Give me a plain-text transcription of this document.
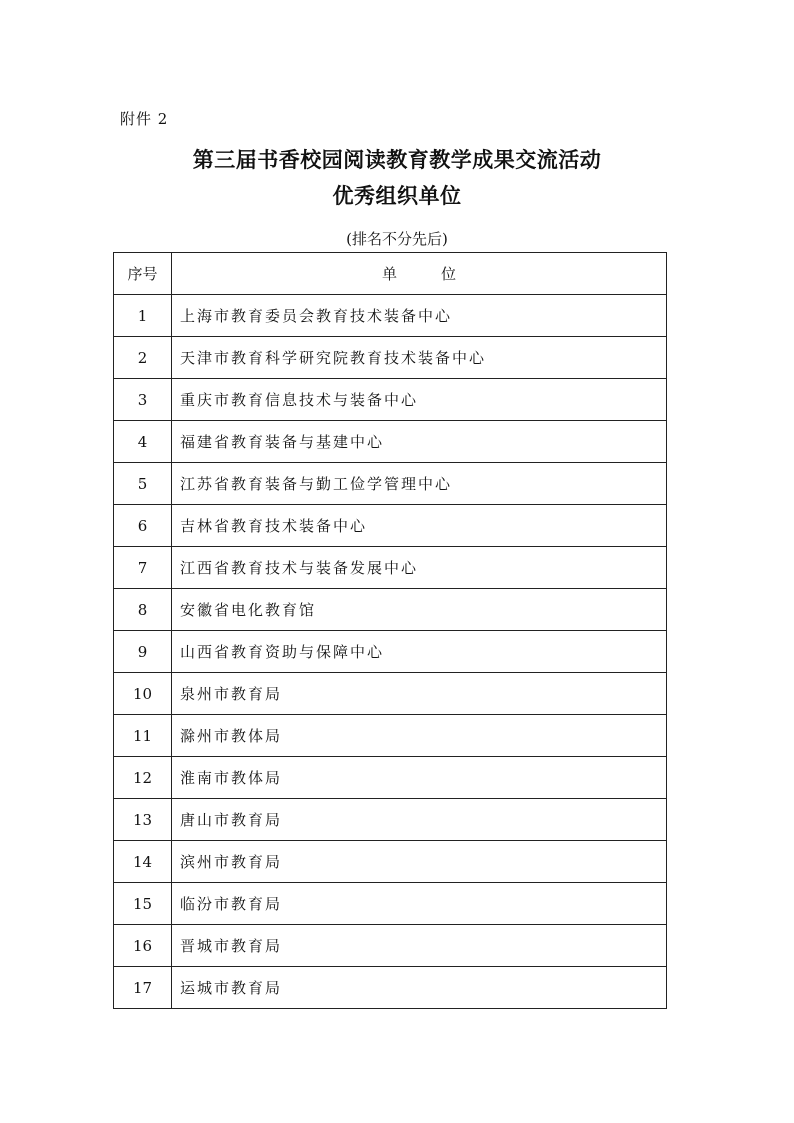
附件 2
第三届书香校园阅读教育教学成果交流活动
优秀组织单位
(排名不分先后)
序号	单 位
1	上海市教育委员会教育技术装备中心
2	天津市教育科学研究院教育技术装备中心
3	重庆市教育信息技术与装备中心
4	福建省教育装备与基建中心
5	江苏省教育装备与勤工俭学管理中心
6	吉林省教育技术装备中心
7	江西省教育技术与装备发展中心
8	安徽省电化教育馆
9	山西省教育资助与保障中心
10	泉州市教育局
11	滁州市教体局
12	淮南市教体局
13	唐山市教育局
14	滨州市教育局
15	临汾市教育局
16	晋城市教育局
17	运城市教育局
